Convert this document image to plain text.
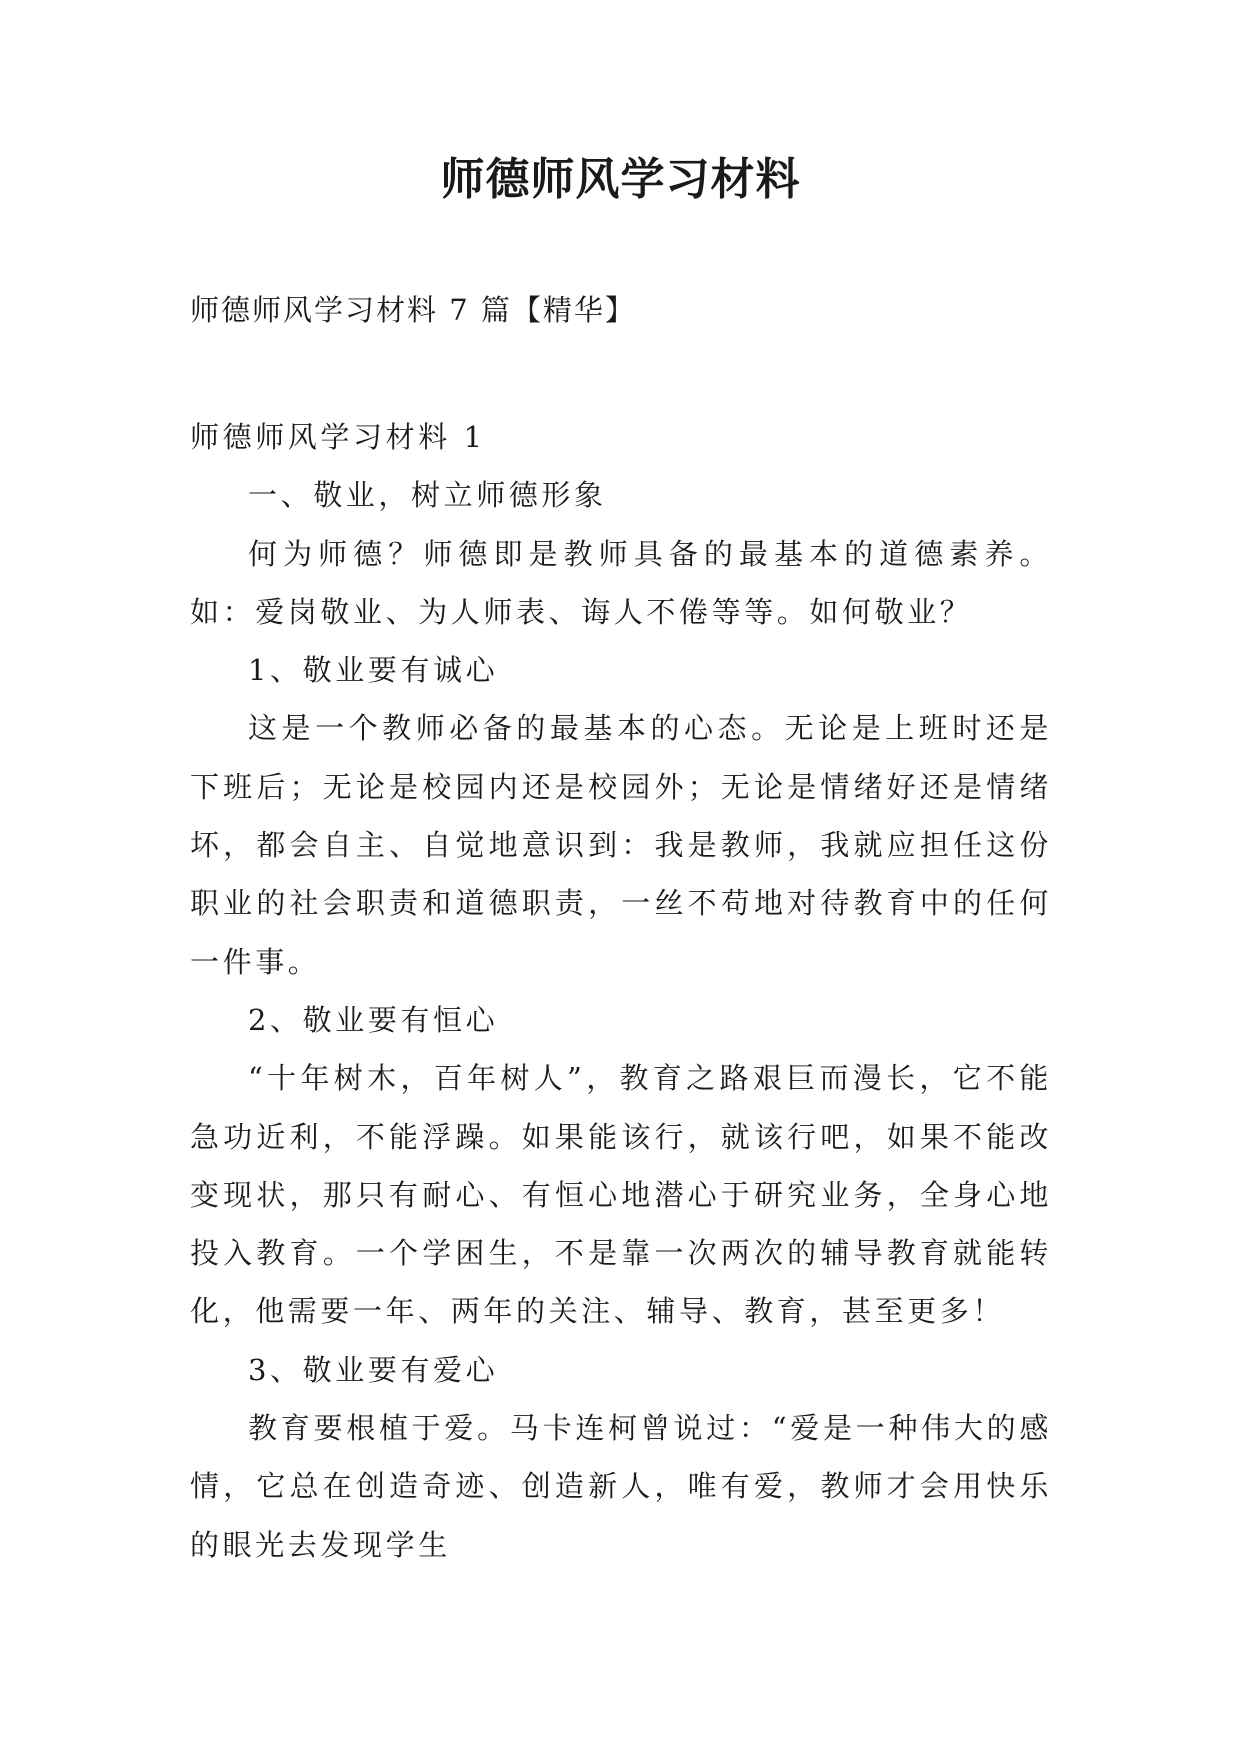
师德师风学习材料

师德师风学习材料 7 篇【精华】

师德师风学习材料 1

一、敬业，树立师德形象

何为师德？师德即是教师具备的最基本的道德素养。如：爱岗敬业、为人师表、诲人不倦等等。如何敬业？

1、敬业要有诚心

这是一个教师必备的最基本的心态。无论是上班时还是下班后；无论是校园内还是校园外；无论是情绪好还是情绪坏，都会自主、自觉地意识到：我是教师，我就应担任这份职业的社会职责和道德职责，一丝不苟地对待教育中的任何一件事。

2、敬业要有恒心

“十年树木，百年树人”，教育之路艰巨而漫长，它不能急功近利，不能浮躁。如果能该行，就该行吧，如果不能改变现状，那只有耐心、有恒心地潜心于研究业务，全身心地投入教育。一个学困生，不是靠一次两次的辅导教育就能转化，他需要一年、两年的关注、辅导、教育，甚至更多！

3、敬业要有爱心

教育要根植于爱。马卡连柯曾说过：“爱是一种伟大的感情，它总在创造奇迹、创造新人，唯有爱，教师才会用快乐的眼光去发现学生
